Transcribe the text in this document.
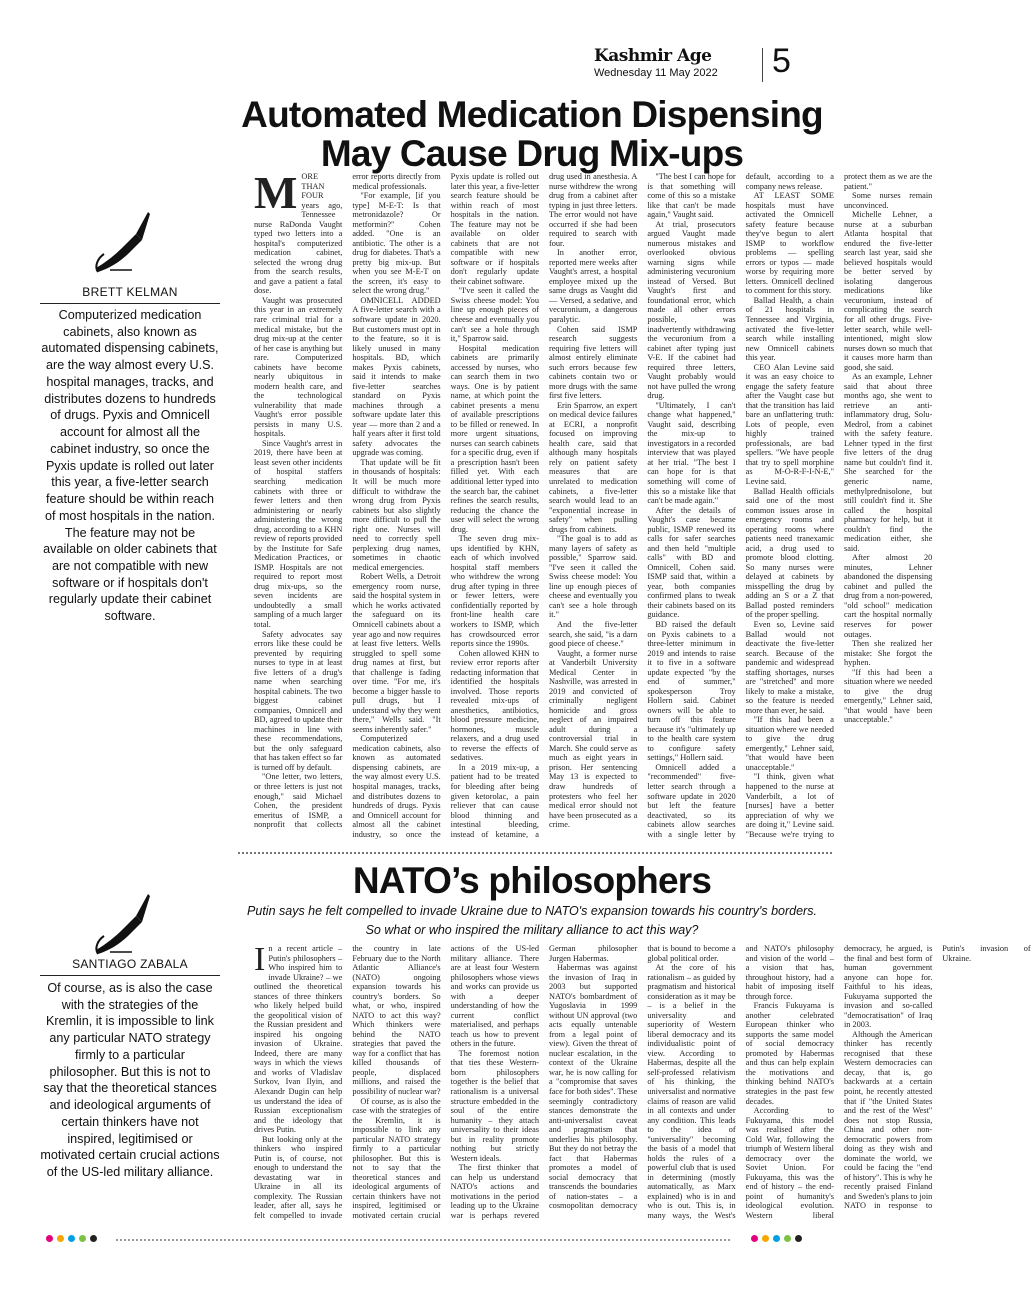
Kashmir Age
Wednesday 11 May 2022 5
Automated Medication Dispensing May Cause Drug Mix-ups
BRETT KELMAN
Computerized medication cabinets, also known as automated dispensing cabinets, are the way almost every U.S. hospital manages, tracks, and distributes dozens to hundreds of drugs. Pyxis and Omnicell account for almost all the cabinet industry, so once the Pyxis update is rolled out later this year, a five-letter search feature should be within reach of most hospitals in the nation. The feature may not be available on older cabinets that are not compatible with new software or if hospitals don't regularly update their cabinet software.

MORE THAN FOUR years ago, Tennessee nurse RaDonda Vaught typed two letters into a hospital's computerized medication cabinet, selected the wrong drug from the search results, and gave a patient a fatal dose.

Vaught was prosecuted this year in an extremely rare criminal trial for a medical mistake, but the drug mix-up at the center of her case is anything but rare. Computerized cabinets have become nearly ubiquitous in modern health care, and the technological vulnerability that made Vaught's error possible persists in many U.S. hospitals.

Since Vaught's arrest in 2019, there have been at least seven other incidents of hospital staffers searching medication cabinets with three or fewer letters and then administering or nearly administering the wrong drug, according to a KHN review of reports provided by the Institute for Safe Medication Practices, or ISMP. Hospitals are not required to report most drug mix-ups, so the seven incidents are undoubtedly a small sampling of a much larger total.

Safety advocates say errors like these could be prevented by requiring nurses to type in at least five letters of a drug's name when searching hospital cabinets. The two biggest cabinet companies, Omnicell and BD, agreed to update their machines in line with these recommendations, but the only safeguard that has taken effect so far is turned off by default.

"One letter, two letters, or three letters is just not enough," said Michael Cohen, the president emeritus of ISMP, a nonprofit that collects error reports directly from medical professionals.

"For example, [if you type] M-E-T: Is that metronidazole? Or metformin?" Cohen added. "One is an antibiotic. The other is a drug for diabetes. That's a pretty big mix-up. But when you see M-E-T on the screen, it's easy to select the wrong drug."

OMNICELL ADDED A five-letter search with a software update in 2020. But customers must opt in to the feature, so it is likely unused in many hospitals. BD, which makes Pyxis cabinets, said it intends to make five-letter searches standard on Pyxis machines through a software update later this year — more than 2 and a half years after it first told safety advocates the upgrade was coming.

That update will be fit in thousands of hospitals: It will be much more difficult to withdraw the wrong drug from Pyxis cabinets but also slightly more difficult to pull the right one. Nurses will need to correctly spell perplexing drug names, sometimes in chaotic medical emergencies.

Robert Wells, a Detroit emergency room nurse, said the hospital system in which he works activated the safeguard on its Omnicell cabinets about a year ago and now requires at least five letters. Wells struggled to spell some drug names at first, but that challenge is fading over time. "For me, it's become a bigger hassle to pull drugs, but I understand why they went there," Wells said. "It seems inherently safer."

Computerized medication cabinets, also known as automated dispensing cabinets, are the way almost every U.S. hospital manages, tracks, and distributes dozens to hundreds of drugs. Pyxis and Omnicell account for almost all the cabinet industry, so once the Pyxis update is rolled out later this year, a five-letter search feature should be within reach of most hospitals in the nation. The feature may not be available on older cabinets that are not compatible with new software or if hospitals don't regularly update their cabinet software.

"I've seen it called the Swiss cheese model: You line up enough pieces of cheese and eventually you can't see a hole through it," Sparrow said.

Hospital medication cabinets are primarily accessed by nurses, who can search them in two ways. One is by patient name, at which point the cabinet presents a menu of available prescriptions to be filled or renewed. In more urgent situations, nurses can search cabinets for a specific drug, even if a prescription hasn't been filled yet. With each additional letter typed into the search bar, the cabinet refines the search results, reducing the chance the user will select the wrong drug.

The seven drug mix-ups identified by KHN, each of which involved hospital staff members who withdrew the wrong drug after typing in three or fewer letters, were confidentially reported by front-line health care workers to ISMP, which has crowdsourced error reports since the 1990s.

Cohen allowed KHN to review error reports after redacting information that identified the hospitals involved. Those reports revealed mix-ups of anesthetics, antibiotics, blood pressure medicine, hormones, muscle relaxers, and a drug used to reverse the effects of sedatives.

In a 2019 mix-up, a patient had to be treated for bleeding after being given ketorolac, a pain reliever that can cause blood thinning and intestinal bleeding, instead of ketamine, a drug used in anesthesia. A nurse withdrew the wrong drug from a cabinet after typing in just three letters. The error would not have occurred if she had been required to search with four.

In another error, reported mere weeks after Vaught's arrest, a hospital employee mixed up the same drugs as Vaught did — Versed, a sedative, and vecuronium, a dangerous paralytic.

Cohen said ISMP research suggests requiring five letters will almost entirely eliminate such errors because few cabinets contain two or more drugs with the same first five letters.

Erin Sparrow, an expert on medical device failures at ECRI, a nonprofit focused on improving health care, said that although many hospitals rely on patient safety measures that are unrelated to medication cabinets, a five-letter search would lead to an "exponential increase in safety" when pulling drugs from cabinets.

"The goal is to add as many layers of safety as possible," Sparrow said. "I've seen it called the Swiss cheese model: You line up enough pieces of cheese and eventually you can't see a hole through it."

And the five-letter search, she said, "is a darn good piece of cheese."

Vaught, a former nurse at Vanderbilt University Medical Center in Nashville, was arrested in 2019 and convicted of criminally negligent homicide and gross neglect of an impaired adult during a controversial trial in March. She could serve as much as eight years in prison. Her sentencing May 13 is expected to draw hundreds of protesters who feel her medical error should not have been prosecuted as a crime.

"The best I can hope for is that something will come of this so a mistake like that can't be made again," Vaught said.

At trial, prosecutors argued Vaught made numerous mistakes and overlooked obvious warning signs while administering vecuronium instead of Versed. But Vaught's first and foundational error, which made all other errors possible, was inadvertently withdrawing the vecuronium from a cabinet after typing just V-E. If the cabinet had required three letters, Vaught probably would not have pulled the wrong drug.

"Ultimately, I can't change what happened," Vaught said, describing the mix-up to investigators in a recorded interview that was played at her trial. "The best I can hope for is that something will come of this so a mistake like that can't be made again."

After the details of Vaught's case became public, ISMP renewed its calls for safer searches and then held "multiple calls" with BD and Omnicell, Cohen said. ISMP said that, within a year, both companies confirmed plans to tweak their cabinets based on its guidance.

BD raised the default on Pyxis cabinets to a three-letter minimum in 2019 and intends to raise it to five in a software update expected "by the end of summer," spokesperson Troy Hollern said. Cabinet owners will be able to turn off this feature because it's "ultimately up to the health care system to configure safety settings," Hollern said.

Omnicell added a "recommended" five-letter search through a software update in 2020 but left the feature deactivated, so its cabinets allow searches with a single letter by default, according to a company news release.

AT LEAST SOME hospitals must have activated the Omnicell safety feature because they've begun to alert ISMP to workflow problems — spelling errors or typos — made worse by requiring more letters. Omnicell declined to comment for this story.

Ballad Health, a chain of 21 hospitals in Tennessee and Virginia, activated the five-letter search while installing new Omnicell cabinets this year.

CEO Alan Levine said it was an easy choice to engage the safety feature after the Vaught case but that the transition has laid bare an unflattering truth: Lots of people, even highly trained professionals, are bad spellers. "We have people that try to spell morphine as M-O-R-F-I-N-E," Levine said.

Ballad Health officials said one of the most common issues arose in emergency rooms and operating rooms where patients need tranexamic acid, a drug used to promote blood clotting. So many nurses were delayed at cabinets by misspelling the drug by adding an S or a Z that Ballad posted reminders of the proper spelling.

Even so, Levine said Ballad would not deactivate the five-letter search. Because of the pandemic and widespread staffing shortages, nurses are "stretched" and more likely to make a mistake, so the feature is needed more than ever, he said.

"If this had been a situation where we needed to give the drug emergently," Lehner said, "that would have been unacceptable."

"I think, given what happened to the nurse at Vanderbilt, a lot of [nurses] have a better appreciation of why we are doing it," Levine said. "Because we're trying to protect them as we are the patient."

Some nurses remain unconvinced.

Michelle Lehner, a nurse at a suburban Atlanta hospital that endured the five-letter search last year, said she believed hospitals would be better served by isolating dangerous medications like vecuronium, instead of complicating the search for all other drugs. Five-letter search, while well-intentioned, might slow nurses down so much that it causes more harm than good, she said.

As an example, Lehner said that about three months ago, she went to retrieve an anti-inflammatory drug, Solu-Medrol, from a cabinet with the safety feature. Lehner typed in the first five letters of the drug name but couldn't find it. She searched for the generic name, methylprednisolone, but still couldn't find it. She called the hospital pharmacy for help, but it couldn't find the medication either, she said.

After almost 20 minutes, Lehner abandoned the dispensing cabinet and pulled the drug from a non-powered, "old school" medication cart the hospital normally reserves for power outages.

Then she realized her mistake: She forgot the hyphen.

"If this had been a situation where we needed to give the drug emergently," Lehner said, "that would have been unacceptable."

NATO’s philosophers
Putin says he felt compelled to invade Ukraine due to NATO's expansion towards his country's borders. So what or who inspired the military alliance to act this way?
SANTIAGO ZABALA
Of course, as is also the case with the strategies of the Kremlin, it is impossible to link any particular NATO strategy firmly to a particular philosopher. But this is not to say that the theoretical stances and ideological arguments of certain thinkers have not inspired, legitimised or motivated certain crucial actions of the US-led military alliance.

In a recent article – Putin's philosophers – Who inspired him to invade Ukraine? – we outlined the theoretical stances of three thinkers who likely helped build the geopolitical vision of the Russian president and inspired his ongoing invasion of Ukraine. Indeed, there are many ways in which the views and works of Vladislav Surkov, Ivan Ilyin, and Alexandr Dugin can help us understand the idea of Russian exceptionalism and the ideology that drives Putin.

But looking only at the thinkers who inspired Putin is, of course, not enough to understand the devastating war in Ukraine in all its complexity. The Russian leader, after all, says he felt compelled to invade the country in late February due to the North Atlantic Alliance's (NATO) ongoing expansion towards his country's borders. So what, or who, inspired NATO to act this way? Which thinkers were behind the NATO strategies that paved the way for a conflict that has killed thousands of people, displaced millions, and raised the possibility of nuclear war?

Of course, as is also the case with the strategies of the Kremlin, it is impossible to link any particular NATO strategy firmly to a particular philosopher. But this is not to say that the theoretical stances and ideological arguments of certain thinkers have not inspired, legitimised or motivated certain crucial actions of the US-led military alliance. There are at least four Western philosophers whose views and works can provide us with a deeper understanding of how the current conflict materialised, and perhaps teach us how to prevent others in the future.

The foremost notion that ties these Western-born philosophers together is the belief that rationalism is a universal structure embedded in the soul of the entire humanity – they attach universality to their ideas but in reality promote nothing but strictly Western ideals.

The first thinker that can help us understand NATO's actions and motivations in the period leading up to the Ukraine war is perhaps revered German philosopher Jurgen Habermas.

Habermas was against the invasion of Iraq in 2003 but supported NATO's bombardment of Yugoslavia in 1999 without UN approval (two acts equally untenable from a legal point of view). Given the threat of nuclear escalation, in the context of the Ukraine war, he is now calling for a "compromise that saves face for both sides". These seemingly contradictory stances demonstrate the anti-universalist caveat and pragmatism that underlies his philosophy. But they do not betray the fact that Habermas promotes a model of social democracy that transcends the boundaries of nation-states – a cosmopolitan democracy that is bound to become a global political order.

At the core of his rationalism – as guided by pragmatism and historical consideration as it may be – is a belief in the universality and superiority of Western liberal democracy and its individualistic point of view. According to Habermas, despite all the self-professed relativism of his thinking, the universalist and normative claims of reason are valid in all contexts and under any condition. This leads to the idea of "universality" becoming the basis of a model that holds the rules of a powerful club that is used in determining (mostly automatically, as Marx explained) who is in and who is out. This is, in many ways, the West's and NATO's philosophy and vision of the world – a vision that has, throughout history, had a habit of imposing itself through force.

Francis Fukuyama is another celebrated European thinker who supports the same model of social democracy promoted by Habermas and thus can help explain the motivations and thinking behind NATO's strategies in the past few decades.

According to Fukuyama, this model was realised after the Cold War, following the triumph of Western liberal democracy over the Soviet Union. For Fukuyama, this was the end of history – the end-point of humanity's ideological evolution. Western liberal democracy, he argued, is the final and best form of human government anyone can hope for. Faithful to his ideas, Fukuyama supported the invasion and so-called "democratisation" of Iraq in 2003.

Although the American thinker has recently recognised that these Western democracies can decay, that is, go backwards at a certain point, he recently attested that if "the United States and the rest of the West" does not stop Russia, China and other non-democratic powers from doing as they wish and dominate the world, we could be facing the "end of history". This is why he recently praised Finland and Sweden's plans to join NATO in response to Putin's invasion of Ukraine.
